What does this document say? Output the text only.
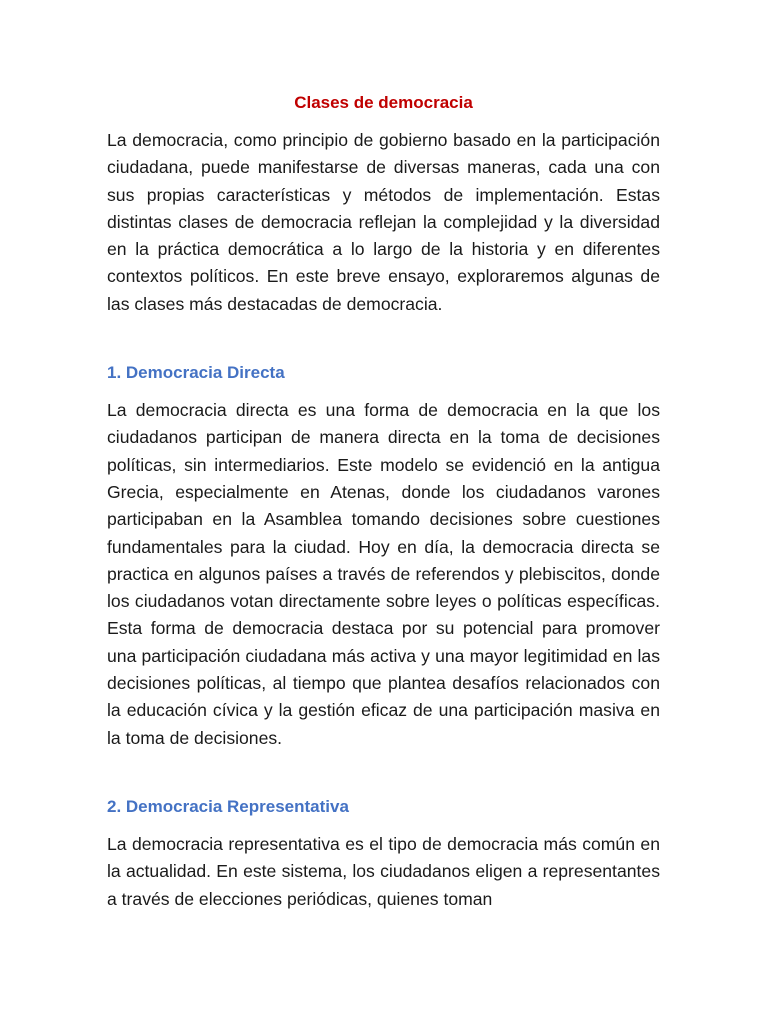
Clases de democracia

La democracia, como principio de gobierno basado en la participación ciudadana, puede manifestarse de diversas maneras, cada una con sus propias características y métodos de implementación. Estas distintas clases de democracia reflejan la complejidad y la diversidad en la práctica democrática a lo largo de la historia y en diferentes contextos políticos. En este breve ensayo, exploraremos algunas de las clases más destacadas de democracia.

1. Democracia Directa

La democracia directa es una forma de democracia en la que los ciudadanos participan de manera directa en la toma de decisiones políticas, sin intermediarios. Este modelo se evidenció en la antigua Grecia, especialmente en Atenas, donde los ciudadanos varones participaban en la Asamblea tomando decisiones sobre cuestiones fundamentales para la ciudad. Hoy en día, la democracia directa se practica en algunos países a través de referendos y plebiscitos, donde los ciudadanos votan directamente sobre leyes o políticas específicas. Esta forma de democracia destaca por su potencial para promover una participación ciudadana más activa y una mayor legitimidad en las decisiones políticas, al tiempo que plantea desafíos relacionados con la educación cívica y la gestión eficaz de una participación masiva en la toma de decisiones.

2. Democracia Representativa

La democracia representativa es el tipo de democracia más común en la actualidad. En este sistema, los ciudadanos eligen a representantes a través de elecciones periódicas, quienes toman
